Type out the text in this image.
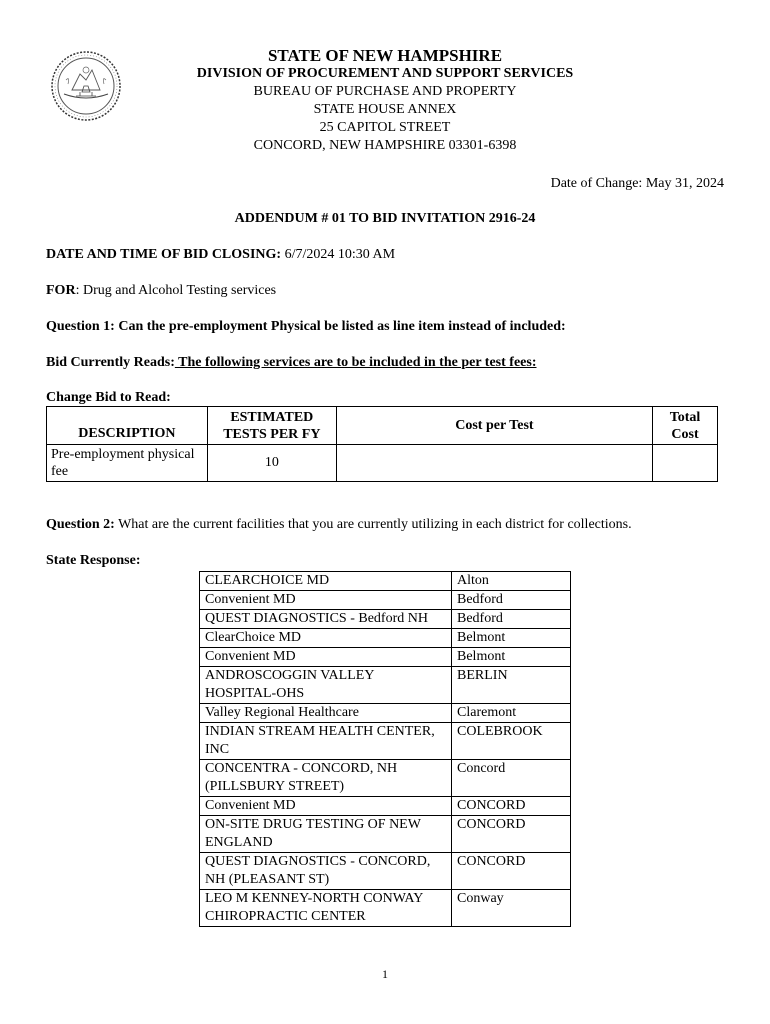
STATE OF NEW HAMPSHIRE
DIVISION OF PROCUREMENT AND SUPPORT SERVICES
BUREAU OF PURCHASE AND PROPERTY
STATE HOUSE ANNEX
25 CAPITOL STREET
CONCORD, NEW HAMPSHIRE 03301-6398
Date of Change: May 31, 2024
ADDENDUM # 01 TO BID INVITATION 2916-24
DATE AND TIME OF BID CLOSING: 6/7/2024 10:30 AM
FOR: Drug and Alcohol Testing services
Question 1: Can the pre-employment Physical be listed as line item instead of included:
Bid Currently Reads: The following services are to be included in the per test fees:
Change Bid to Read:
DESCRIPTION	ESTIMATED TESTS PER FY	Cost per Test	Total Cost
Pre-employment physical fee	10		
Question 2: What are the current facilities that you are currently utilizing in each district for collections.
State Response:
CLEARCHOICE MD	Alton
Convenient MD	Bedford
QUEST DIAGNOSTICS - Bedford NH	Bedford
ClearChoice MD	Belmont
Convenient MD	Belmont
ANDROSCOGGIN VALLEY HOSPITAL-OHS	BERLIN
Valley Regional Healthcare	Claremont
INDIAN STREAM HEALTH CENTER, INC	COLEBROOK
CONCENTRA - CONCORD, NH (PILLSBURY STREET)	Concord
Convenient MD	CONCORD
ON-SITE DRUG TESTING OF NEW ENGLAND	CONCORD
QUEST DIAGNOSTICS - CONCORD, NH (PLEASANT ST)	CONCORD
LEO M KENNEY-NORTH CONWAY CHIROPRACTIC CENTER	Conway
1
